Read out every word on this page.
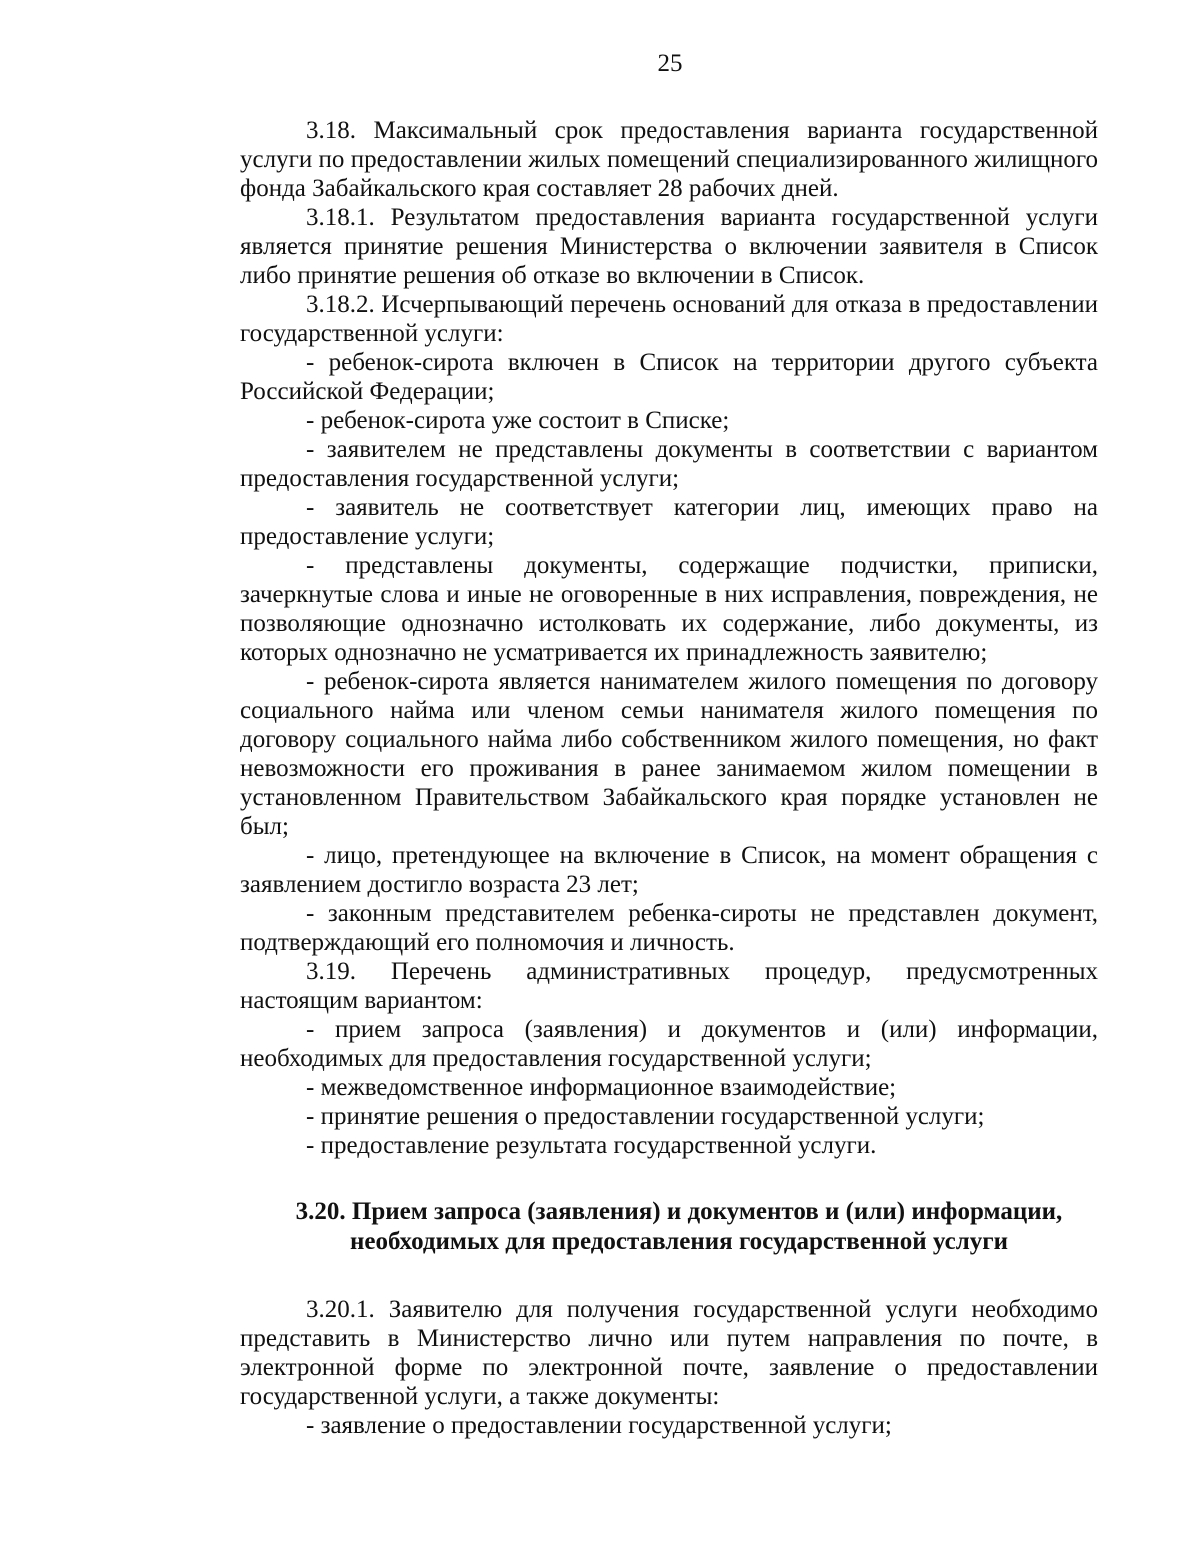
25

3.18. Максимальный срок предоставления варианта государственной услуги по предоставлении жилых помещений специализированного жилищного фонда Забайкальского края составляет 28 рабочих дней.

3.18.1. Результатом предоставления варианта государственной услуги является принятие решения Министерства о включении заявителя в Список либо принятие решения об отказе во включении в Список.

3.18.2. Исчерпывающий перечень оснований для отказа в предоставлении государственной услуги:

- ребенок-сирота включен в Список на территории другого субъекта Российской Федерации;

- ребенок-сирота уже состоит в Списке;

- заявителем не представлены документы в соответствии с вариантом предоставления государственной услуги;

- заявитель не соответствует категории лиц, имеющих право на предоставление услуги;

- представлены документы, содержащие подчистки, приписки, зачеркнутые слова и иные не оговоренные в них исправления, повреждения, не позволяющие однозначно истолковать их содержание, либо документы, из которых однозначно не усматривается их принадлежность заявителю;

- ребенок-сирота является нанимателем жилого помещения по договору социального найма или членом семьи нанимателя жилого помещения по договору социального найма либо собственником жилого помещения, но факт невозможности его проживания в ранее занимаемом жилом помещении в установленном Правительством Забайкальского края порядке установлен не был;

- лицо, претендующее на включение в Список, на момент обращения с заявлением достигло возраста 23 лет;

- законным представителем ребенка-сироты не представлен документ, подтверждающий его полномочия и личность.

3.19. Перечень административных процедур, предусмотренных настоящим вариантом:

- прием запроса (заявления) и документов и (или) информации, необходимых для предоставления государственной услуги;

- межведомственное информационное взаимодействие;

- принятие решения о предоставлении государственной услуги;

- предоставление результата государственной услуги.

3.20. Прием запроса (заявления) и документов и (или) информации,
необходимых для предоставления государственной услуги

3.20.1. Заявителю для получения государственной услуги необходимо представить в Министерство лично или путем направления по почте, в электронной форме по электронной почте, заявление о предоставлении государственной услуги, а также документы:

- заявление о предоставлении государственной услуги;
